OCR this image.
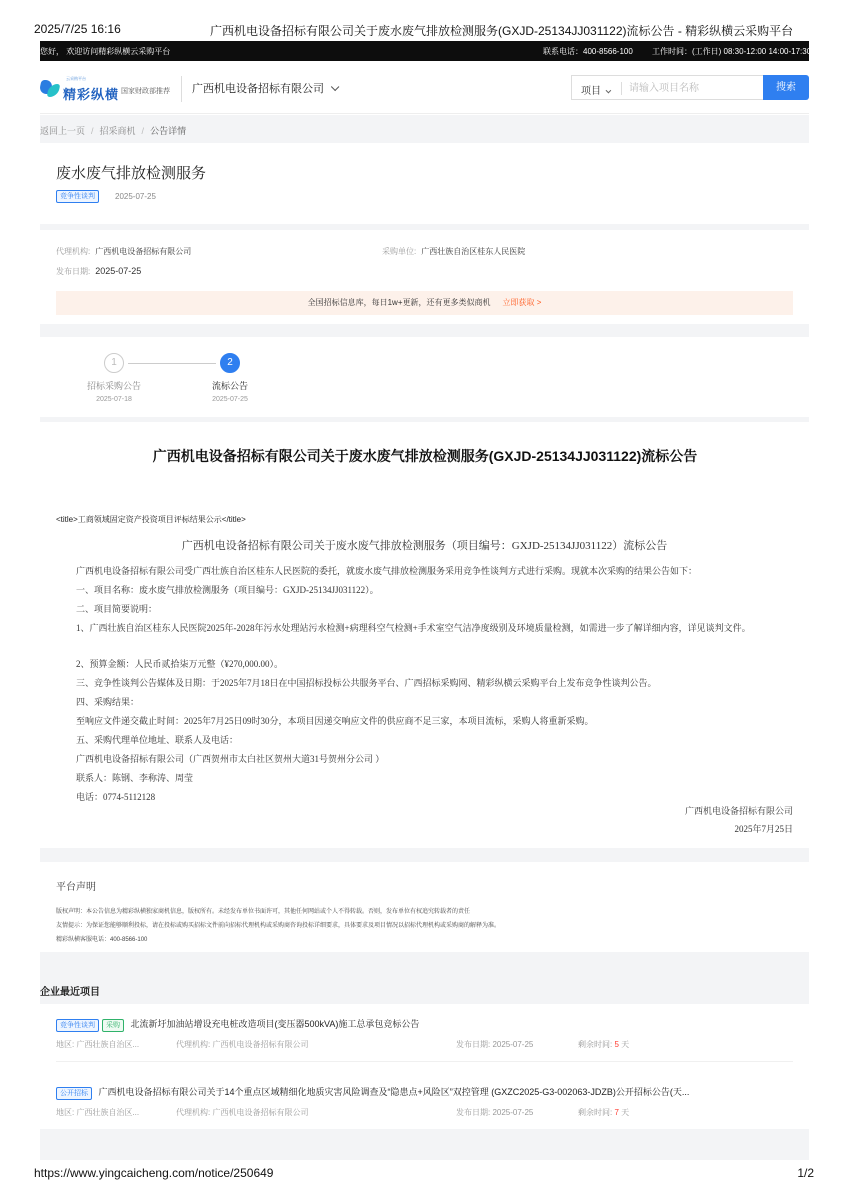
2025/7/25 16:16	广西机电设备招标有限公司关于废水废气排放检测服务(GXJD-25134JJ031122)流标公告 - 精彩纵横云采购平台
您好， 欢迎访问精彩纵横云采购平台	联系电话：400-8566-100 工作时间：(工作日) 08:30-12:00 14:00-17:30
云采购平台
精彩纵横 国家财政部推荐 广西机电设备招标有限公司	项目
请输入项目名称	搜索
返回上一页 / 招采商机 / 公告详情
废水废气排放检测服务
竞争性谈判	2025-07-25
代理机构: 广西机电设备招标有限公司	采购单位: 广西壮族自治区桂东人民医院
发布日期: 2025-07-25
全国招标信息库，每日1w+更新，还有更多类似商机 立即获取 >
1	2
招标采购公告
2025-07-18
流标公告
2025-07-25
广西机电设备招标有限公司关于废水废气排放检测服务(GXJD-25134JJ031122)流标公告
<title>工商领域固定资产投资项目评标结果公示</title>
广西机电设备招标有限公司关于废水废气排放检测服务（项目编号：GXJD-25134JJ031122）流标公告
广西机电设备招标有限公司受广西壮族自治区桂东人民医院的委托，就废水废气排放检测服务采用竞争性谈判方式进行采购。现就本次采购的结果公告如下：
一、项目名称：废水废气排放检测服务（项目编号：GXJD-25134JJ031122）。
二、项目简要说明：
1、广西壮族自治区桂东人民医院2025年-2028年污水处理站污水检测+病理科空气检测+手术室空气洁净度级别及环境质量检测，如需进一步了解详细内容，详见谈判文件。
2、预算金额：人民币贰拾柒万元整（¥270,000.00）。
三、竞争性谈判公告媒体及日期：于2025年7月18日在中国招标投标公共服务平台、广西招标采购网、精彩纵横云采购平台上发布竞争性谈判公告。
四、采购结果：
至响应文件递交截止时间：2025年7月25日09时30分，本项目因递交响应文件的供应商不足三家，本项目流标，采购人将重新采购。
五、采购代理单位地址、联系人及电话：
广西机电设备招标有限公司（广西贺州市太白社区贺州大道31号贺州分公司 ）
联系人：陈钢、李称涛、周莹
电话：0774-5112128
广西机电设备招标有限公司
2025年7月25日
平台声明
版权声明：本公告信息为精彩纵横独家商机信息，版权所有。未经发布单位书面许可，其他任何网站或个人不得转载。否则，发布单位有权追究转载者的责任
友情提示：为保证您能够顺利投标，请在投标或购买招标文件前向招标代理机构或采购商咨询投标详细要求，具体要求及项目情况以招标代理机构或采购商的解释为准。
精彩纵横客服电话：400-8566-100
企业最近项目
竞争性谈判 采购 北流新圩加油站增设充电桩改造项目(变压器500kVA)施工总承包竞标公告
地区: 广西壮族自治区...	代理机构: 广西机电设备招标有限公司	发布日期: 2025-07-25	剩余时间: 5 天
公开招标 广西机电设备招标有限公司关于14个重点区域精细化地质灾害风险调查及“隐患点+风险区”双控管理 (GXZC2025-G3-002063-JDZB)公开招标公告(天...
地区: 广西壮族自治区...	代理机构: 广西机电设备招标有限公司	发布日期: 2025-07-25	剩余时间: 7 天
https://www.yingcaicheng.com/notice/250649	1/2
